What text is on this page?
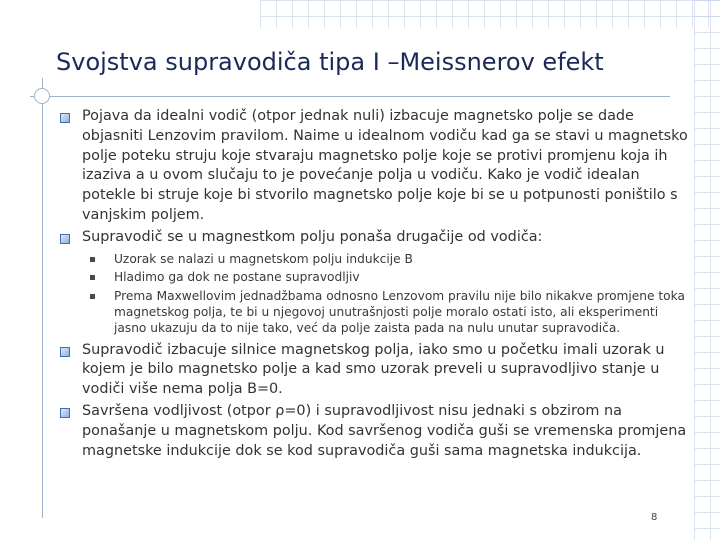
Svojstva supravodiča tipa I –Meissnerov efekt

Pojava da idealni vodič (otpor jednak nuli) izbacuje magnetsko polje se dade objasniti Lenzovim pravilom. Naime u idealnom vodiču kad ga se stavi u magnetsko polje poteku struju koje stvaraju magnetsko polje koje se protivi promjenu koja ih izaziva a u ovom slučaju to je povećanje polja u vodiču. Kako je vodič idealan potekle bi struje koje bi stvorilo magnetsko polje koje bi se u potpunosti poništilo s vanjskim poljem.

Supravodič se u magnestkom polju ponaša drugačije od vodiča:

Uzorak se nalazi u magnetskom polju indukcije B

Hladimo ga dok ne postane supravodljiv

Prema Maxwellovim jednadžbama odnosno Lenzovom pravilu nije bilo nikakve promjene toka magnetskog polja, te bi u njegovoj unutrašnjosti polje moralo ostati isto, ali eksperimenti jasno ukazuju da to nije tako, već da polje zaista pada na nulu unutar supravodiča.

Supravodič izbacuje silnice magnetskog polja, iako smo u početku imali uzorak u kojem je bilo magnetsko polje a kad smo uzorak preveli u supravodljivo stanje u vodiči više nema polja B=0.

Savršena vodljivost (otpor ρ=0) i supravodljivost nisu jednaki s obzirom na ponašanje u magnetskom polju. Kod savršenog vodiča guši se vremenska promjena magnetske indukcije dok se kod supravodiča guši sama magnetska indukcija.

8
